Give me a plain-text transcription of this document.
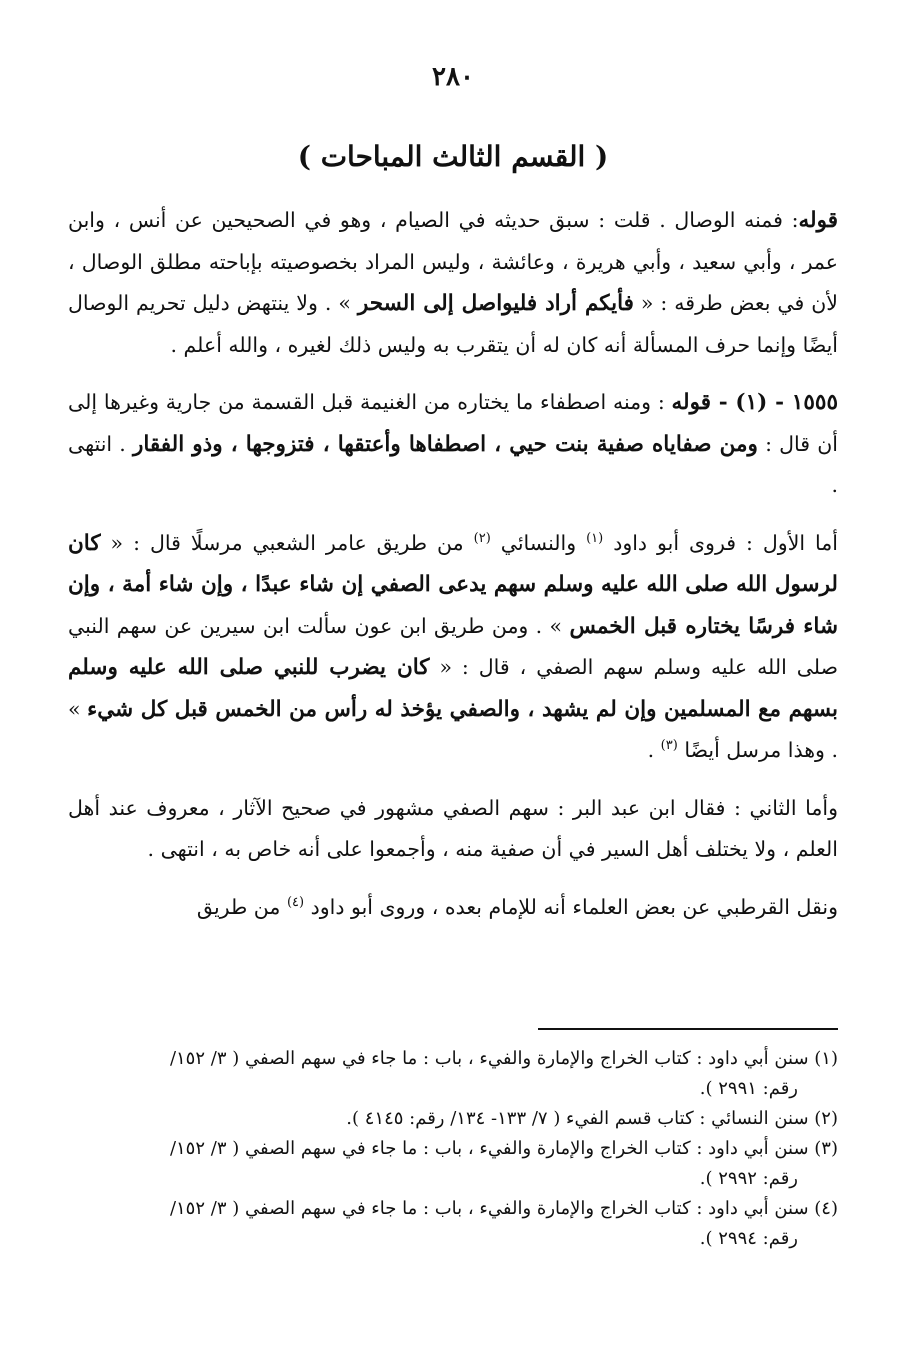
٢٨٠
( القسم الثالث المباحات )

قوله: فمنه الوصال . قلت : سبق حديثه في الصيام ، وهو في الصحيحين عن أنس ، وابن عمر ، وأبي سعيد ، وأبي هريرة ، وعائشة ، وليس المراد بخصوصيته بإباحته مطلق الوصال ، لأن في بعض طرقه : « فأيكم أراد فليواصل إلى السحر » . ولا ينتهض دليل تحريم الوصال أيضًا وإنما حرف المسألة أنه كان له أن يتقرب به وليس ذلك لغيره ، والله أعلم .

١٥٥٥ - (١) - قوله : ومنه اصطفاء ما يختاره من الغنيمة قبل القسمة من جارية وغيرها إلى أن قال : ومن صفاياه صفية بنت حيي ، اصطفاها وأعتقها ، فتزوجها ، وذو الفقار . انتهى .

أما الأول : فروى أبو داود $^{(١)}$ والنسائي $^{(٢)}$ من طريق عامر الشعبي مرسلًا قال : « كان لرسول الله صلى الله عليه وسلم سهم يدعى الصفي إن شاء عبدًا ، وإن شاء أمة ، وإن شاء فرسًا يختاره قبل الخمس » . ومن طريق ابن عون سألت ابن سيرين عن سهم النبي صلى الله عليه وسلم سهم الصفي ، قال : « كان يضرب للنبي صلى الله عليه وسلم بسهم مع المسلمين وإن لم يشهد ، والصفي يؤخذ له رأس من الخمس قبل كل شيء » . وهذا مرسل أيضًا $^{(٣)}$ .

وأما الثاني : فقال ابن عبد البر : سهم الصفي مشهور في صحيح الآثار ، معروف عند أهل العلم ، ولا يختلف أهل السير في أن صفية منه ، وأجمعوا على أنه خاص به ، انتهى .

ونقل القرطبي عن بعض العلماء أنه للإمام بعده ، وروى أبو داود $^{(٤)}$ من طريق

(١) سنن أبي داود : كتاب الخراج والإمارة والفيء ، باب : ما جاء في سهم الصفي ( ٣/ ١٥٢/
رقم: ٢٩٩١ ).

(٢) سنن النسائي : كتاب قسم الفيء ( ٧/ ١٣٣- ١٣٤/ رقم: ٤١٤٥ ).

(٣) سنن أبي داود : كتاب الخراج والإمارة والفيء ، باب : ما جاء في سهم الصفي ( ٣/ ١٥٢/
رقم: ٢٩٩٢ ).

(٤) سنن أبي داود : كتاب الخراج والإمارة والفيء ، باب : ما جاء في سهم الصفي ( ٣/ ١٥٢/
رقم: ٢٩٩٤ ).
